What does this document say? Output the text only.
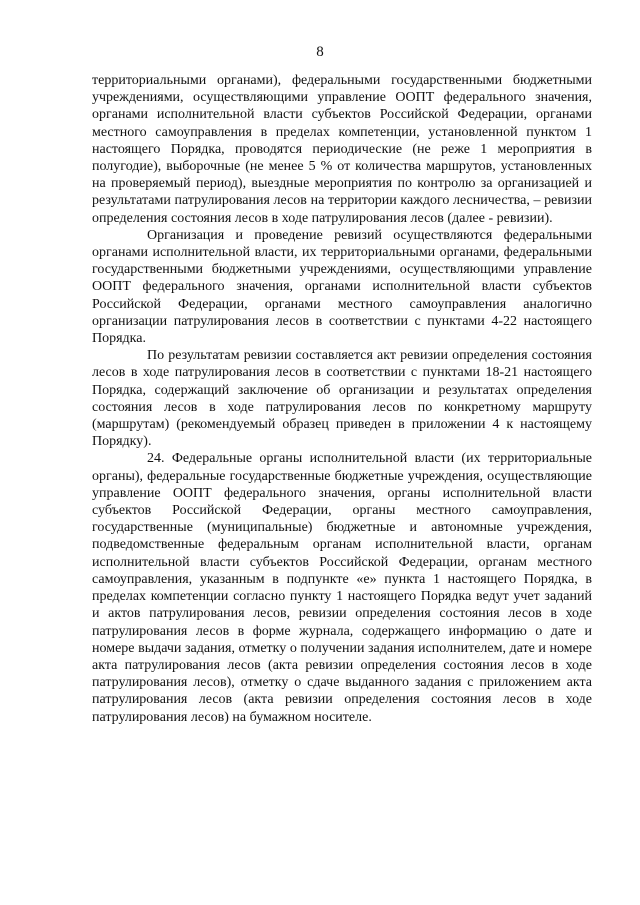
8

территориальными органами), федеральными государственными бюджетными учреждениями, осуществляющими управление ООПТ федерального значения, органами исполнительной власти субъектов Российской Федерации, органами местного самоуправления в пределах компетенции, установленной пунктом 1 настоящего Порядка, проводятся периодические (не реже 1 мероприятия в полугодие), выборочные (не менее 5 % от количества маршрутов, установленных на проверяемый период), выездные мероприятия по контролю за организацией и результатами патрулирования лесов на территории каждого лесничества, – ревизии определения состояния лесов в ходе патрулирования лесов (далее - ревизии).

Организация и проведение ревизий осуществляются федеральными органами исполнительной власти, их территориальными органами, федеральными государственными бюджетными учреждениями, осуществляющими управление ООПТ федерального значения, органами исполнительной власти субъектов Российской Федерации, органами местного самоуправления аналогично организации патрулирования лесов в соответствии с пунктами 4-22 настоящего Порядка.

По результатам ревизии составляется акт ревизии определения состояния лесов в ходе патрулирования лесов в соответствии с пунктами 18-21 настоящего Порядка, содержащий заключение об организации и результатах определения состояния лесов в ходе патрулирования лесов по конкретному маршруту (маршрутам) (рекомендуемый образец приведен в приложении 4 к настоящему Порядку).

24. Федеральные органы исполнительной власти (их территориальные органы), федеральные государственные бюджетные учреждения, осуществляющие управление ООПТ федерального значения, органы исполнительной власти субъектов Российской Федерации, органы местного самоуправления, государственные (муниципальные) бюджетные и автономные учреждения, подведомственные федеральным органам исполнительной власти, органам исполнительной власти субъектов Российской Федерации, органам местного самоуправления, указанным в подпункте «е» пункта 1 настоящего Порядка, в пределах компетенции согласно пункту 1 настоящего Порядка ведут учет заданий и актов патрулирования лесов, ревизии определения состояния лесов в ходе патрулирования лесов в форме журнала, содержащего информацию о дате и номере выдачи задания, отметку о получении задания исполнителем, дате и номере акта патрулирования лесов (акта ревизии определения состояния лесов в ходе патрулирования лесов), отметку о сдаче выданного задания с приложением акта патрулирования лесов (акта ревизии определения состояния лесов в ходе патрулирования лесов) на бумажном носителе.
